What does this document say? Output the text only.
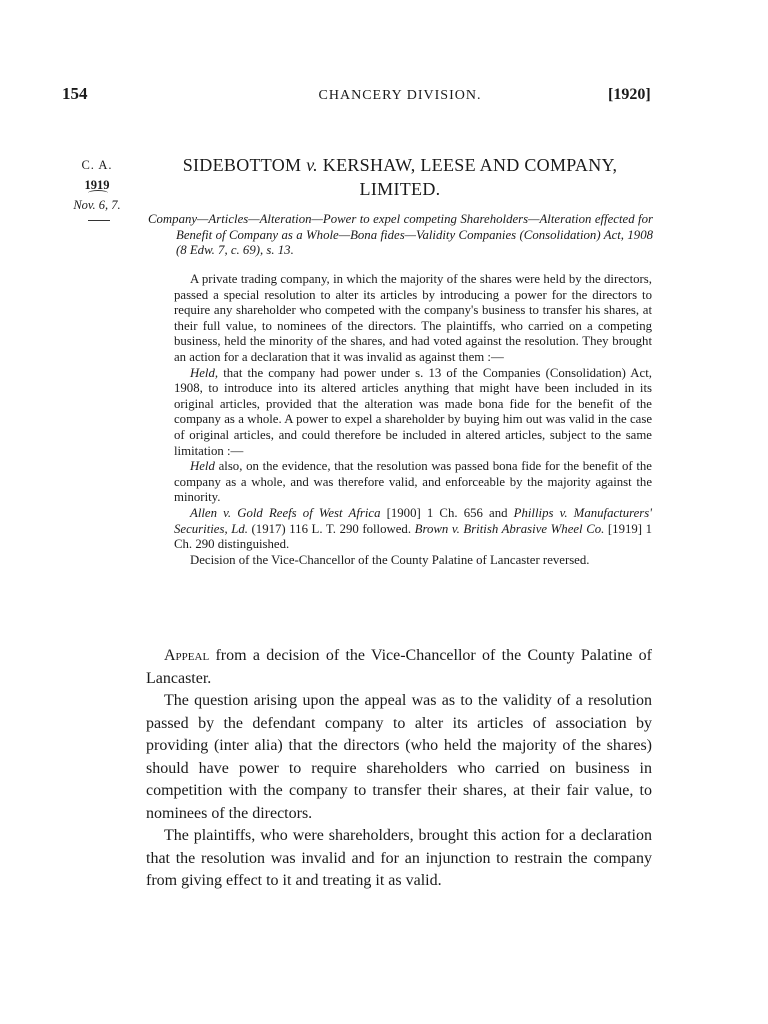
154	CHANCERY DIVISION.	[1920]
C. A.
1919
Nov. 6, 7.
SIDEBOTTOM v. KERSHAW, LEESE AND COMPANY, LIMITED.
Company—Articles—Alteration—Power to expel competing Shareholders—Alteration effected for Benefit of Company as a Whole—Bona fides—Validity Companies (Consolidation) Act, 1908 (8 Edw. 7, c. 69), s. 13.

A private trading company, in which the majority of the shares were held by the directors, passed a special resolution to alter its articles by introducing a power for the directors to require any shareholder who competed with the company's business to transfer his shares, at their full value, to nominees of the directors. The plaintiffs, who carried on a competing business, held the minority of the shares, and had voted against the resolution. They brought an action for a declaration that it was invalid as against them :—

Held, that the company had power under s. 13 of the Companies (Consolidation) Act, 1908, to introduce into its altered articles anything that might have been included in its original articles, provided that the alteration was made bona fide for the benefit of the company as a whole. A power to expel a shareholder by buying him out was valid in the case of original articles, and could therefore be included in altered articles, subject to the same limitation :—

Held also, on the evidence, that the resolution was passed bona fide for the benefit of the company as a whole, and was therefore valid, and enforceable by the majority against the minority.

Allen v. Gold Reefs of West Africa [1900] 1 Ch. 656 and Phillips v. Manufacturers' Securities, Ld. (1917) 116 L. T. 290 followed. Brown v. British Abrasive Wheel Co. [1919] 1 Ch. 290 distinguished.

Decision of the Vice-Chancellor of the County Palatine of Lancaster reversed.

Appeal from a decision of the Vice-Chancellor of the County Palatine of Lancaster.

The question arising upon the appeal was as to the validity of a resolution passed by the defendant company to alter its articles of association by providing (inter alia) that the directors (who held the majority of the shares) should have power to require shareholders who carried on business in competition with the company to transfer their shares, at their fair value, to nominees of the directors.

The plaintiffs, who were shareholders, brought this action for a declaration that the resolution was invalid and for an injunction to restrain the company from giving effect to it and treating it as valid.
